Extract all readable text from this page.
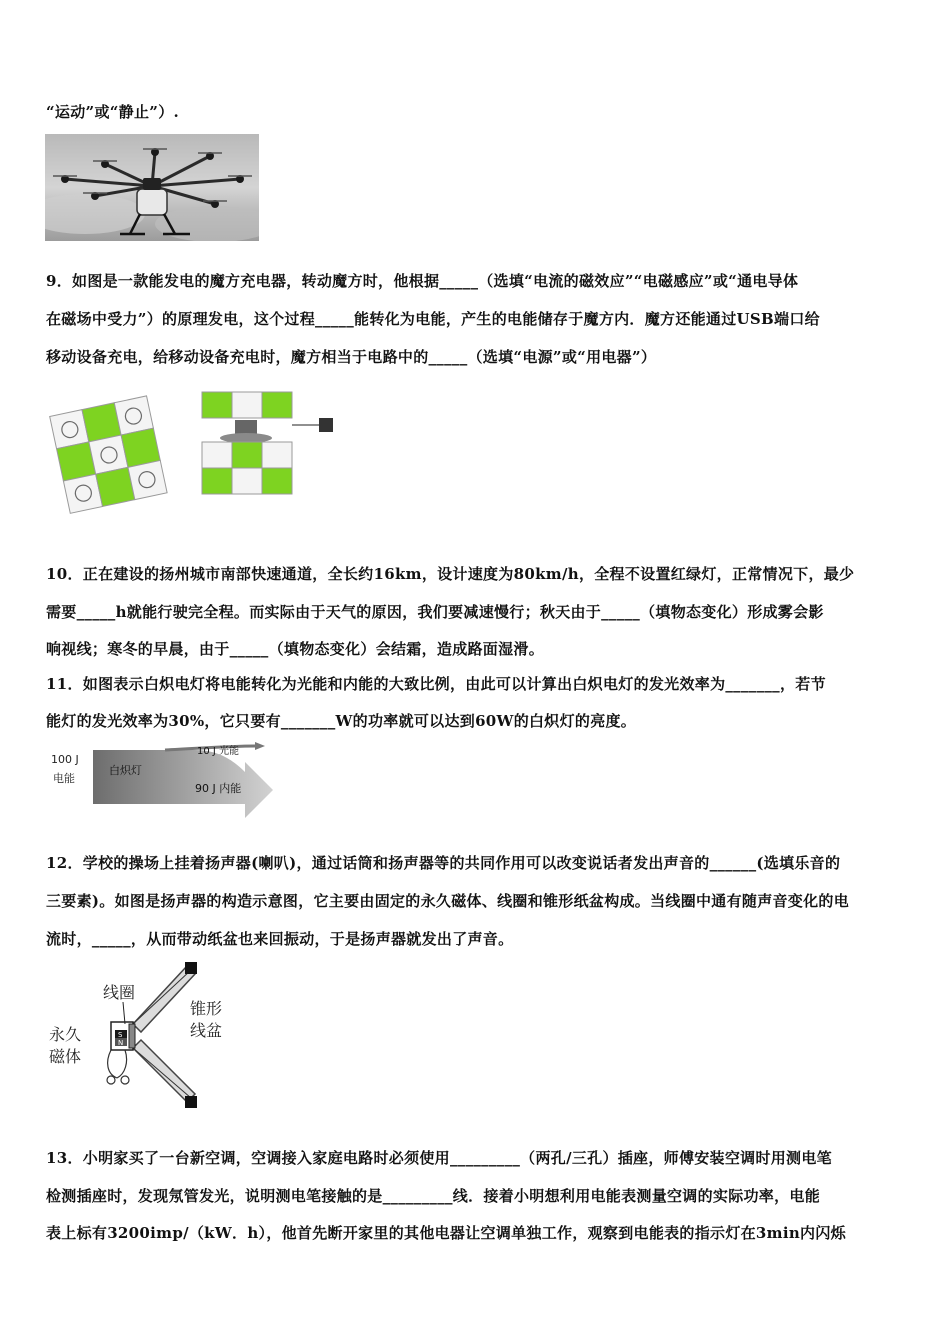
“运动”或“静止”）.
9．如图是一款能发电的魔方充电器，转动魔方时，他根据_____（选填“电流的磁效应”“电磁感应”或“通电导体
在磁场中受力”）的原理发电，这个过程_____能转化为电能，产生的电能储存于魔方内．魔方还能通过USB端口给
移动设备充电，给移动设备充电时，魔方相当于电路中的_____（选填“电源”或“用电器”）
10．正在建设的扬州城市南部快速通道，全长约16km，设计速度为80km/h，全程不设置红绿灯，正常情况下，最少
需要_____h就能行驶完全程。而实际由于天气的原因，我们要减速慢行；秋天由于_____（填物态变化）形成雾会影
响视线；寒冬的早晨，由于_____（填物态变化）会结霜，造成路面湿滑。
11．如图表示白炽电灯将电能转化为光能和内能的大致比例，由此可以计算出白炽电灯的发光效率为_______，若节
能灯的发光效率为30%，它只要有_______W的功率就可以达到60W的白炽灯的亮度。
100 J
电能
白炽灯
10 J 光能
90 J 内能
12．学校的操场上挂着扬声器(喇叭)，通过话筒和扬声器等的共同作用可以改变说话者发出声音的______(选填乐音的
三要素)。如图是扬声器的构造示意图，它主要由固定的永久磁体、线圈和锥形纸盆构成。当线圈中通有随声音变化的电
流时，_____，从而带动纸盆也来回振动，于是扬声器就发出了声音。
S
N
线圈
锥形
线盆
永久
磁体
13．小明家买了一台新空调，空调接入家庭电路时必须使用_________（两孔/三孔）插座，师傅安装空调时用测电笔
检测插座时，发现氖管发光，说明测电笔接触的是_________线．接着小明想利用电能表测量空调的实际功率，电能
表上标有3200imp/（kW．h），他首先断开家里的其他电器让空调单独工作，观察到电能表的指示灯在3min内闪烁
